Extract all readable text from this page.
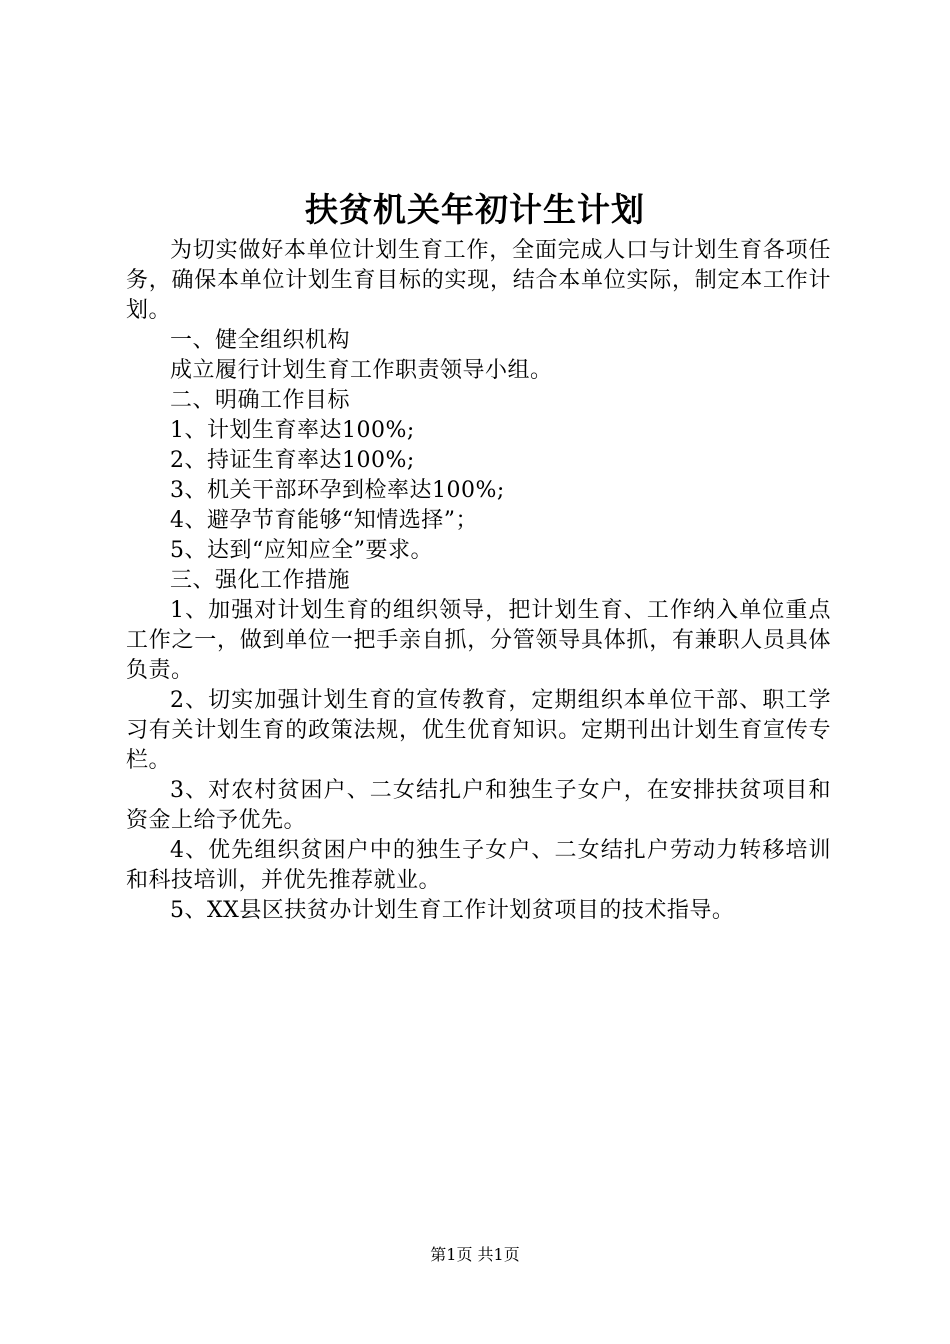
扶贫机关年初计生计划

为切实做好本单位计划生育工作，全面完成人口与计划生育各项任务，确保本单位计划生育目标的实现，结合本单位实际，制定本工作计划。

一、健全组织机构

成立履行计划生育工作职责领导小组。

二、明确工作目标

1、计划生育率达100%;

2、持证生育率达100%;

3、机关干部环孕到检率达100%;

4、避孕节育能够“知情选择”；

5、达到“应知应全”要求。

三、强化工作措施

1、加强对计划生育的组织领导，把计划生育、工作纳入单位重点工作之一，做到单位一把手亲自抓，分管领导具体抓，有兼职人员具体负责。

2、切实加强计划生育的宣传教育，定期组织本单位干部、职工学习有关计划生育的政策法规，优生优育知识。定期刊出计划生育宣传专栏。

3、对农村贫困户、二女结扎户和独生子女户，在安排扶贫项目和资金上给予优先。

4、优先组织贫困户中的独生子女户、二女结扎户劳动力转移培训和科技培训，并优先推荐就业。

5、XX县区扶贫办计划生育工作计划贫项目的技术指导。

第1页 共1页
